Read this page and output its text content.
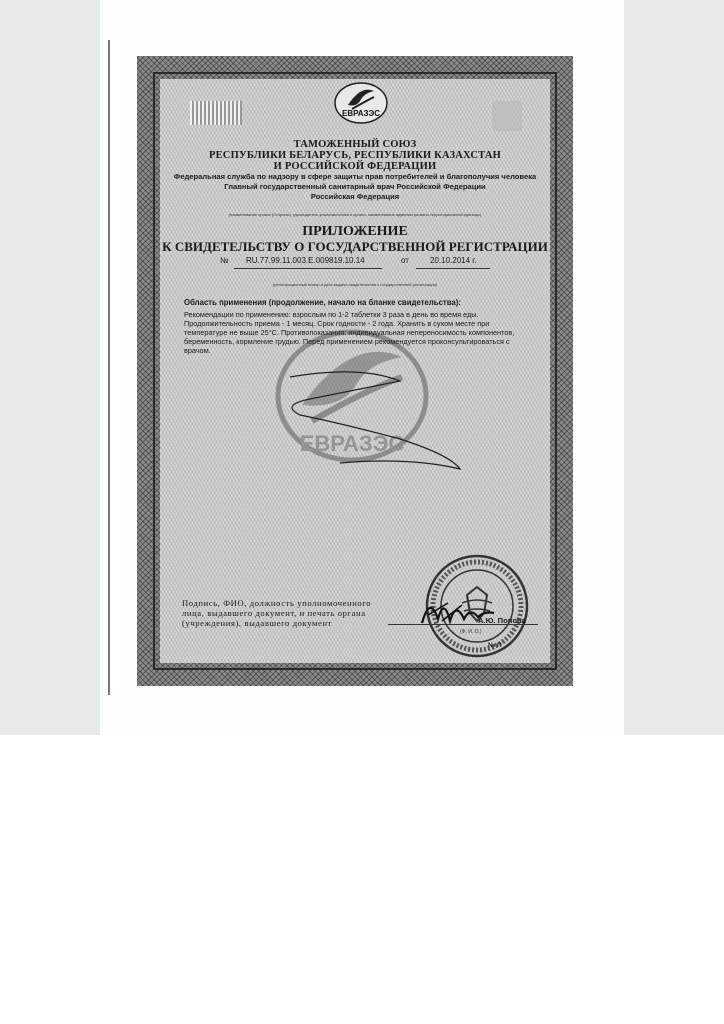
ЕВРАЗЭС
ТАМОЖЕННЫЙ СОЮЗ
РЕСПУБЛИКИ БЕЛАРУСЬ, РЕСПУБЛИКИ КАЗАХСТАН
И РОССИЙСКОЙ ФЕДЕРАЦИИ
Федеральная служба по надзору в сфере защиты прав потребителей и благополучия человека
Главный государственный санитарный врач Российской Федерации
Российская Федерация
(наименование органа (Стороны), руководитель уполномоченного органа, наименование административно-территориальной единицы)
ПРИЛОЖЕНИЕ
К СВИДЕТЕЛЬСТВУ О ГОСУДАРСТВЕННОЙ РЕГИСТРАЦИИ
№ RU.77.99.11.003.Е.009819.10.14	от	20.10.2014 г.
(регистрационный номер и дата выдачи свидетельства о государственной регистрации)
ЕВРАЗЭС
Область применения (продолжение, начало на бланке свидетельства):
Рекомендации по применению: взрослым по 1-2 таблетки 3 раза в день во время еды. Продолжительность приема - 1 месяц. Срок годности - 2 года. Хранить в сухом месте при температуре не выше 25°С. Противопоказания: индивидуальная непереносимость компонентов, беременность, кормление грудью. Перед применением рекомендуется проконсультироваться с врачом.
Подпись, ФИО, должность уполномоченного лица, выдавшего документ, и печать органа (учреждения), выдавшего документ	А.Ю. Попова
(Ф. И. О.)
№ П
